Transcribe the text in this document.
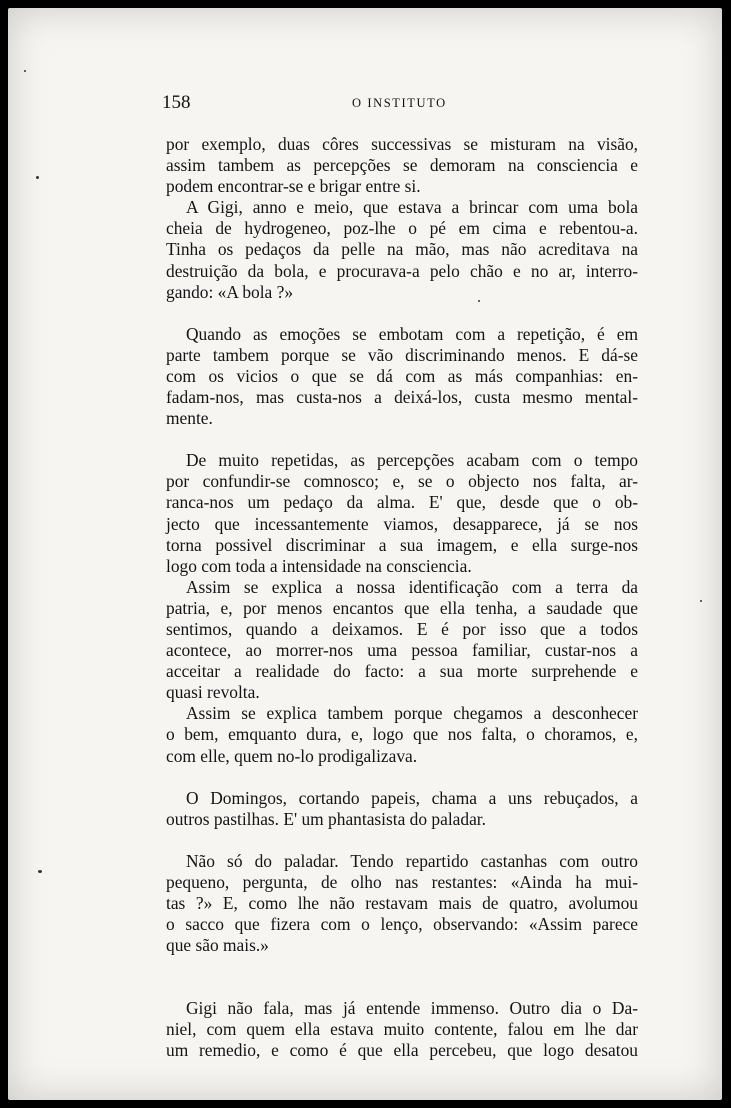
158	O INSTITUTO

por exemplo, duas côres successivas se misturam na visão,
assim tambem as percepções se demoram na consciencia e
podem encontrar-se e brigar entre si.

A Gigi, anno e meio, que estava a brincar com uma bola
cheia de hydrogeneo, poz-lhe o pé em cima e rebentou-a.
Tinha os pedaços da pelle na mão, mas não acreditava na
destruição da bola, e procurava-a pelo chão e no ar, interro-
gando: «A bola ?»

Quando as emoções se embotam com a repetição, é em
parte tambem porque se vão discriminando menos. E dá-se
com os vicios o que se dá com as más companhias: en-
fadam-nos, mas custa-nos a deixá-los, custa mesmo mental-
mente.

De muito repetidas, as percepções acabam com o tempo
por confundir-se comnosco; e, se o objecto nos falta, ar-
ranca-nos um pedaço da alma. E' que, desde que o ob-
jecto que incessantemente viamos, desapparece, já se nos
torna possivel discriminar a sua imagem, e ella surge-nos
logo com toda a intensidade na consciencia.

Assim se explica a nossa identificação com a terra da
patria, e, por menos encantos que ella tenha, a saudade que
sentimos, quando a deixamos. E é por isso que a todos
acontece, ao morrer-nos uma pessoa familiar, custar-nos a
acceitar a realidade do facto: a sua morte surprehende e
quasi revolta.

Assim se explica tambem porque chegamos a desconhecer
o bem, emquanto dura, e, logo que nos falta, o choramos, e,
com elle, quem no-lo prodigalizava.

O Domingos, cortando papeis, chama a uns rebuçados, a
outros pastilhas. E' um phantasista do paladar.

Não só do paladar. Tendo repartido castanhas com outro
pequeno, pergunta, de olho nas restantes: «Ainda ha mui-
tas ?» E, como lhe não restavam mais de quatro, avolumou
o sacco que fizera com o lenço, observando: «Assim parece
que são mais.»

Gigi não fala, mas já entende immenso. Outro dia o Da-
niel, com quem ella estava muito contente, falou em lhe dar
um remedio, e como é que ella percebeu, que logo desatou
